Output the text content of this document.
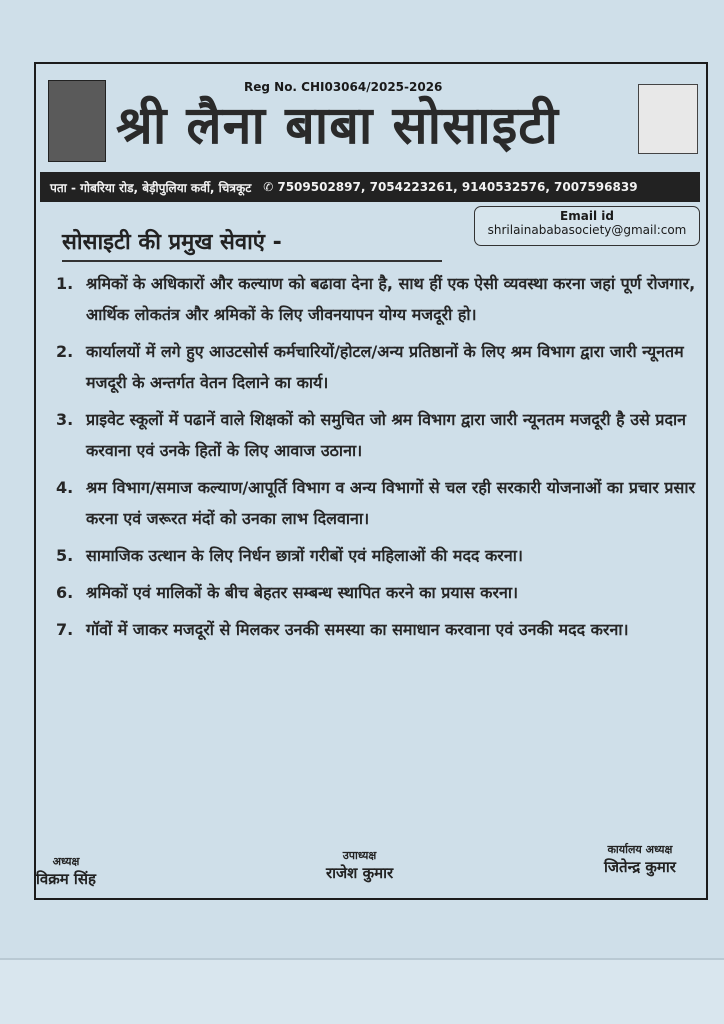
Reg No. CHI03064/2025-2026
श्री लैना बाबा सोसाइटी
पता - गोबरिया रोड, बेड़ीपुलिया कर्वी, चित्रकूट ✆ 7509502897, 7054223261, 9140532576, 7007596839
Email id
shrilainababasociety@gmail:com
सोसाइटी की प्रमुख सेवाएं -
1. श्रमिकों के अधिकारों और कल्याण को बढावा देना है, साथ हीं एक ऐसी व्यवस्था करना जहां पूर्ण रोजगार, आर्थिक लोकतंत्र और श्रमिकों के लिए जीवनयापन योग्य मजदूरी हो।
2. कार्यालयों में लगे हुए आउटसोर्स कर्मचारियों/होटल/अन्य प्रतिष्ठानों के लिए श्रम विभाग द्वारा जारी न्यूनतम मजदूरी के अन्तर्गत वेतन दिलाने का कार्य।
3. प्राइवेट स्कूलों में पढानें वाले शिक्षकों को समुचित जो श्रम विभाग द्वारा जारी न्यूनतम मजदूरी है उसे प्रदान करवाना एवं उनके हितों के लिए आवाज उठाना।
4. श्रम विभाग/समाज कल्याण/आपूर्ति विभाग व अन्य विभागों से चल रही सरकारी योजनाओं का प्रचार प्रसार करना एवं जरूरत मंदों को उनका लाभ दिलवाना।
5. सामाजिक उत्थान के लिए निर्धन छात्रों गरीबों एवं महिलाओं की मदद करना।
6. श्रमिकों एवं मालिकों के बीच बेहतर सम्बन्ध स्थापित करने का प्रयास करना।
7. गॉवों में जाकर मजदूरों से मिलकर उनकी समस्या का समाधान करवाना एवं उनकी मदद करना।
अध्यक्ष
विक्रम सिंह
उपाध्यक्ष
राजेश कुमार
कार्यालय अध्यक्ष
जितेन्द्र कुमार
